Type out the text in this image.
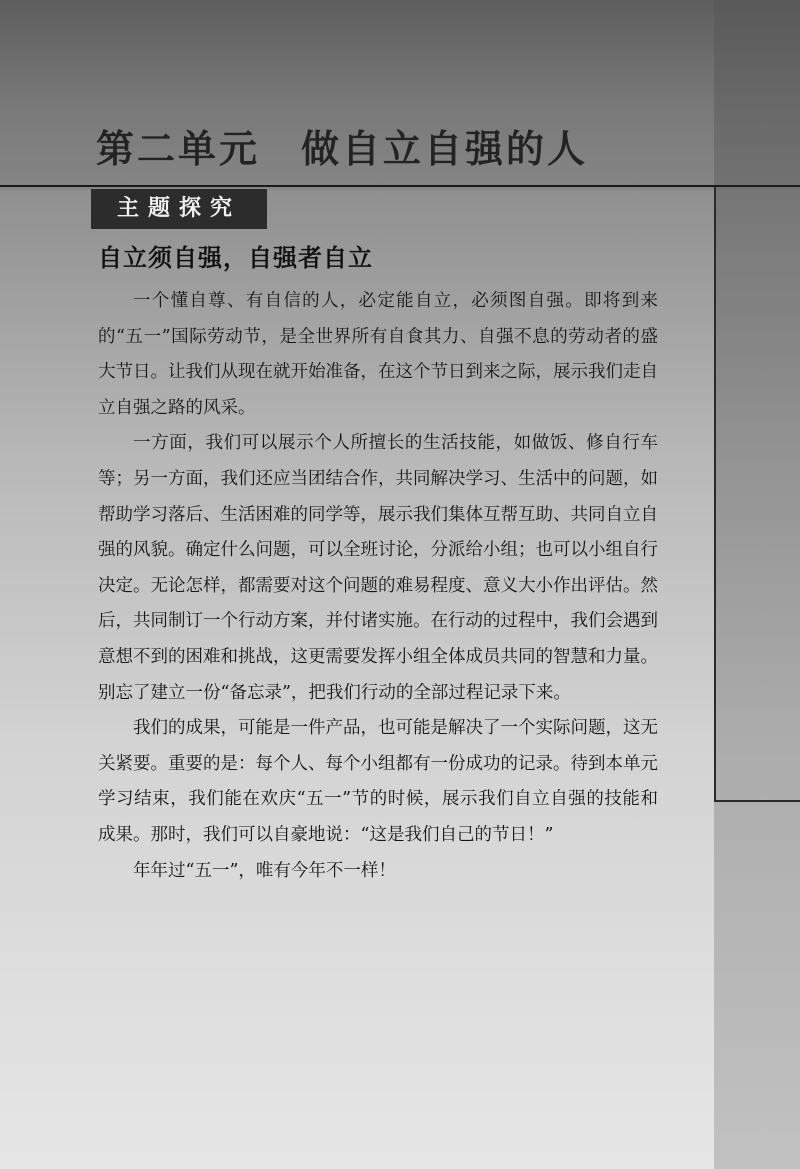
第二单元　做自立自强的人
主题探究
自立须自强，自强者自立

一个懂自尊、有自信的人，必定能自立，必须图自强。即将到来的“五一”国际劳动节，是全世界所有自食其力、自强不息的劳动者的盛大节日。让我们从现在就开始准备，在这个节日到来之际，展示我们走自立自强之路的风采。

一方面，我们可以展示个人所擅长的生活技能，如做饭、修自行车等；另一方面，我们还应当团结合作，共同解决学习、生活中的问题，如帮助学习落后、生活困难的同学等，展示我们集体互帮互助、共同自立自强的风貌。确定什么问题，可以全班讨论，分派给小组；也可以小组自行决定。无论怎样，都需要对这个问题的难易程度、意义大小作出评估。然后，共同制订一个行动方案，并付诸实施。在行动的过程中，我们会遇到意想不到的困难和挑战，这更需要发挥小组全体成员共同的智慧和力量。别忘了建立一份“备忘录”，把我们行动的全部过程记录下来。

我们的成果，可能是一件产品，也可能是解决了一个实际问题，这无关紧要。重要的是：每个人、每个小组都有一份成功的记录。待到本单元学习结束，我们能在欢庆“五一”节的时候，展示我们自立自强的技能和成果。那时，我们可以自豪地说：“这是我们自己的节日！”

年年过“五一”，唯有今年不一样！
